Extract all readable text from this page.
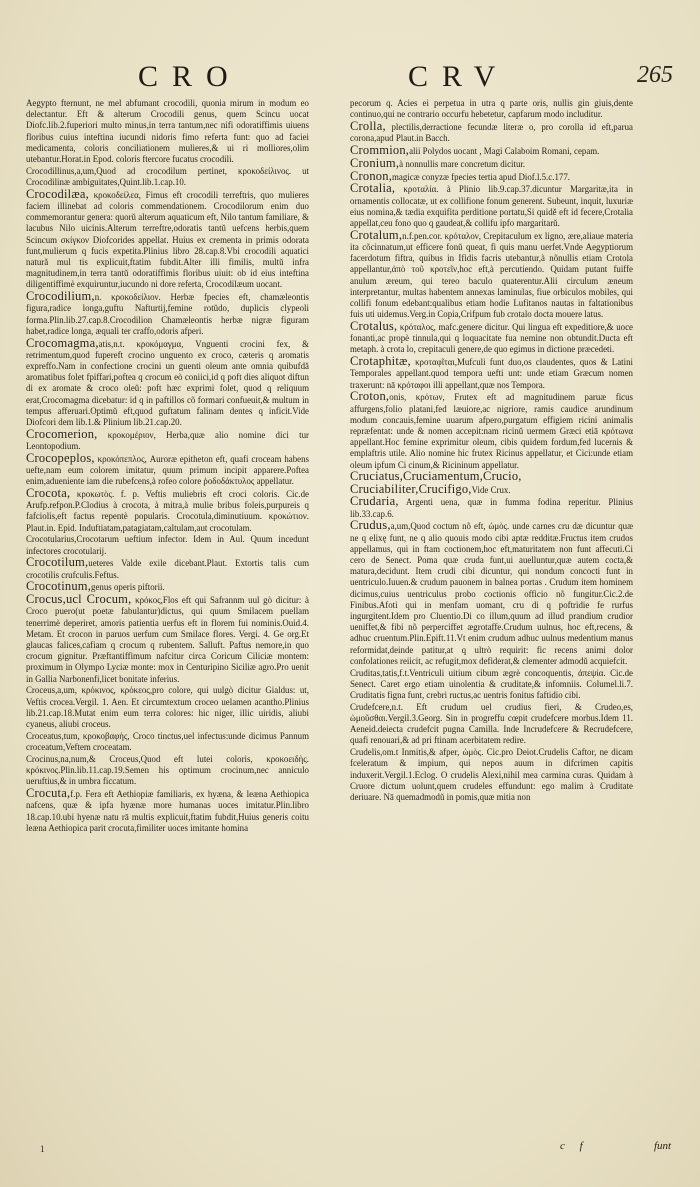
CRO	CRV	265

Aegypto fternunt, ne mel abfumant crocodili, quonia mirum in modum eo delectantur. Eft & alterum Crocodili genus, quem Scincu uocat Diofc.lib.2.fuperiori multo minus,in terra tantum,nec nifi odoratiffimis uiuens floribus cuius inteftina iucundi nidoris fimo referta funt: quo ad faciei medicamenta, coloris conciliationem mulieres,& ui ri molliores,olim utebantur.Horat.in Epod. coloris ftercore fucatus crocodili.

Crocodillinus,a,um,Quod ad crocodilum pertinet, κροκοδείλινος. ut Crocodilinæ ambiguitates,Quint.lib.1.cap.10.

Crocodilæa, κροκοδείλεα, Fimus eft crocodili terreftris, quo mulieres faciem illinebat ad coloris commendationem. Crocodilorum enim duo commemorantur genera: quorŭ alterum aquaticum eft, Nilo tantum familiare, & lacubus Nilo uicinis.Alterum terreftre,odoratis tantŭ uefcens herbis,quem Scincum σκίγκον Diofcorides appellat. Huius ex crementa in primis odorata funt,mulierum q fucis expetita.Plinius libro 28.cap.8.Vbi crocodili aquatici natură mul tis explicuit,ftatim fubdit.Alter illi fimilis, multŭ infra magnitudinem,in terra tantŭ odoratiffimis floribus uiuit: ob id eius inteftina diligentiffimè exquiruntur,iucundo ni dore referta, Crocodilæum uocant.

Crocodilium,n. κροκοδείλιον. Herbæ fpecies eft, chamæleontis figura,radice longa,guftu Nafturtij,femine rotŭdo, duplicis clypeoli forma.Plin.lib.27.cap.8.Crocodilion Chamæleontis herbæ nigræ figuram habet,radice longa, æquali ter craffo,odoris afperi.

Crocomagma,atis,n.t. κροκόμαγμα, Vnguenti crocini fex, & retrimentum,quod fupereft crocino unguento ex croco, cæteris q aromatis expreffo.Nam in confectione crocini un guenti oleum ante omnia quibufdă aromatibus folet fpiffari,poftea q crocum eò coniici,id q poft dies aliquot diftun di ex aromate & croco oleŭ: poft hæc exprimi folet, quod q reliquum erat,Crocomagma dicebatur: id q in paftillos cõ formari confueuit,& multum in tempus afferuari.Optimŭ eft,quod guftatum falinam dentes q inficit.Vide Diofcori dem lib.1.& Plinium lib.21.cap.20.

Crocomerion, κροκομέριον, Herba,quæ alio nomine dici tur Leontopodium.

Crocopeplos, κροκόπεπλος, Auroræ epitheton eft, quafi croceam habens uefte,nam eum colorem imitatur, quum primum incipit apparere.Poftea enim,adueniente iam die rubefcens,à rofeo colore ῥοδοδάκτυλος appellatur.

Crocota, κροκωτὸς. f. p. Veftis muliebris eft croci coloris. Cic.de Arufp.refpon.P.Clodius à crocota, à mitra,à mulie bribus foleis,purpureis q fafciolis,eft factus repentè popularis. Crocotula,diminutiuum. κροκώτιον. Plaut.in. Epid. Induftiatam,patagiatam,caltulam,aut crocotulam.

Crocotularius,Crocotarum ueftium infector. Idem in Aul. Quum incedunt infectores crocotularij.

Crocotilum,ueteres Valde exile dicebant.Plaut. Extortis talis cum crocotilis crufculis.Feftus.

Crocotinum,genus operis piftorii.

Crocus,ucl Crocum, κρόκος,Flos eft qui Safrannm uul gò dicitur: à Croco puero(ut poetæ fabulantur)dictus, qui quum Smilacem puellam tenerrimè deperiret, amoris patientia uerfus eft in florem fui nominis.Ouid.4. Metam. Et crocon in paruos uerfum cum Smilace flores. Vergi. 4. Ge org.Et glaucas falices,cafiam q crocum q rubentem. Salluft. Paftus nemore,in quo crocum gignitur. Præftantiffimum nafcitur circa Coricum Ciliciæ montem: proximum in Olympo Lyciæ monte: mox in Centuripino Siciliæ agro.Pro uenit in Gallia Narbonenfi,licet bonitate inferius.

Croceus,a,um, κρόκινος, κρόκεος,pro colore, qui uulgò dicitur Gialdus: ut, Veftis crocea.Vergil. 1. Aen. Et circumtextum croceo uelamen acantho.Plinius lib.21.cap.18.Mutat enim eum terra colores: hic niger, illic uiridis, aliubi cyaneus, aliubi croceus.

Croceatus,tum, κροκοβαφὴς, Croco tinctus,uel infectus:unde dicimus Pannum croceatum,Veftem croceatam.

Crocinus,na,num,& Croceus,Quod eft lutei coloris, κροκοειδὴς. κρόκινος.Plin.lib.11.cap.19.Semen his optimum crocinum,nec anniculo ueruftius,& in umbra ficcatum.

Crocuta,f.p. Fera eft Aethiopiæ familiaris, ex hyæna, & leæna Aethiopica nafcens, quæ & ipfa hyænæ more humanas uoces imitatur.Plin.libro 18.cap.10.ubi hyenæ natu rā multis explicuit,ftatim fubdit,Huius generis coitu leæna Aethiopica parit crocuta,fimiliter uoces imitante homina

pecorum q. Acies ei perpetua in utra q parte oris, nullis gin giuis,dente continuo,qui ne contrario occurfu hebetetur, capfarum modo includitur.

Crolla, plectilis,derractione fecundæ literæ o, pro corolla id eft,parua corona,apud Plaut.in Bacch.

Crommion,alii Polydos uocant , Magi Calaboim Romani, cepam.

Cronium,à nonnullis mare concretum dicitur.

Cronon,magicæ conyzæ fpecies tertia apud Diof.l.5.c.177.

Crotalia, κροταλία. à Plinio lib.9.cap.37.dicuntur Margaritæ,ita in ornamentis collocatæ, ut ex collifione fonum generent. Subeunt, inquit, luxuriæ eius nomina,& tædia exquifita perditione portatu,Si quidě eft id fecere,Crotalia appellat,ceu fono quo q gaudeat,& collifu ipfo margaritarŭ.

Crotalum,n.f.pen.cor. κρόταλον, Crepitaculum ex ligno, ære,aliaue materia ita cõcinnatum,ut efficere fonŭ queat, fi quis manu uerfet.Vnde Aegyptiorum facerdotum fiftra, quibus in Ifidis facris utebantur,à nõnullis etiam Crotola appellantur,ἀπὸ τοῦ κροτεῖν,hoc eft,à percutiendo. Quidam putant fuiffe anulum æreum, qui tereo baculo quaterentur.Alii circulum æneum interpretantur, multas habentem annexas laminulas, fiue orbiculos mobiles, qui collifi fonum edebant:qualibus etiam hodie Lufitanos nautas in faltationibus fuis uti uidemus.Verg.in Copia,Crifpum fub crotalo docta mouere latus.

Crotalus, κρόταλος, mafc.genere dicitur. Qui lingua eft expeditiore,& uoce fonanti,ac propè tinnula,qui q loquacitate fua nemine non obtundit.Ducta eft metaph. à crota lo, crepitaculi genere,de quo egimus in dictione præcedeti.

Crotaphitæ, κροταφῖται,Mufculi funt duo,os claudentes, quos & Latini Temporales appellant.quod tempora uefti unt: unde etiam Græcum nomen traxerunt: nā κρόταφοι illi appellant,quæ nos Tempora.

Croton,onis, κρότων, Frutex eft ad magnitudinem paruæ ficus affurgens,folio platani,fed læuiore,ac nigriore, ramis caudice arundinum modum concauis,femine uuarum afpero,purgatum effigiem ricini animalis repræfentat: unde & nomen accepit:nam ricinŭ uermem Græci etiā κρότωνα appellant.Hoc femine exprimitur oleum, cibis quidem fordum,fed lucernis & emplaftris utile. Alio nomine hic frutex Ricinus appellatur, et Cici:unde etiam oleum ipfum Ci cinum,& Ricininum appellatur.

Cruciatus,Cruciamentum,Crucio, Cruciabiliter,Crucifigo,Vide Crux.

Crudaria, Argenti uena, quæ in fumma fodina reperitur. Plinius lib.33.cap.6.

Crudus,a,um,Quod coctum nõ eft, ὠμὸς. unde carnes cru dæ dicuntur quæ ne q elixę funt, ne q alio quouis modo cibi aptæ redditæ.Fructus item crudos appellamus, qui in ftam coctionem,hoc eft,maturitatem non funt affecuti.Ci cero de Senect. Poma quæ cruda funt,ui auelluntur,quæ autem cocta,& matura,decidunt. Item crudi cibi dicuntur, qui nondum concocti funt in uentriculo.Iuuen.& crudum pauonem in balnea portas . Crudum item hominem dicimus,cuius uentriculus probo coctionis officio nõ fungitur.Cic.2.de Finibus.Afoti qui in menfam uomant, cru di q poftridie fe rurfus ingurgitent.Idem pro Cluentio.Di co illum,quum ad illud prandium crudior ueniffet,& fibi nõ perperciffet ægrotaffe.Crudum uulnus, hoc eft,recens, & adhuc cruentum.Plin.Epift.11.Vt enim crudum adhuc uulnus medentium manus reformidat,deinde patitur,at q ultrò requirit: fic recens animi dolor confolationes reiicit, ac refugit,mox defiderat,& clementer admodŭ acquiefcit.

Cruditas,tatis,f.t.Ventriculi uitium cibum ægrè concoquentis, ἀπεψία. Cic.de Senect. Caret ergo etiam uinolentia & cruditate,& infomniis. Columel.li.7. Cruditatis figna funt, crebri ructus,ac uentris fonitus faftidio cibi.

Crudefcere,n.t. Eft crudum uel crudius fieri, & Crudeo,es, ὠμοῦσθαι.Vergil.3.Georg. Sin in progreffu cœpit crudefcere morbus.Idem 11. Aeneid.deiecta crudefcit pugna Camilla. Inde Incrudefcere & Recrudefcere, quafi renouari,& ad pri ftinam acerbitatem redire.

Crudelis,om.t Inmitis,& afper, ὠμὸς. Cic.pro Deiot.Crudelis Caftor, ne dicam fceleratum & impium, qui nepos auum in difcrimen capitis induxerit.Vergil.1.Eclog. O crudelis Alexi,nihil mea carmina curas. Quidam à Cruore dictum uolunt,quem crudeles effundunt: ego malim à Cruditate deriuare. Nā quemadmodŭ in pomis,quæ mitia non

1	c f	funt
